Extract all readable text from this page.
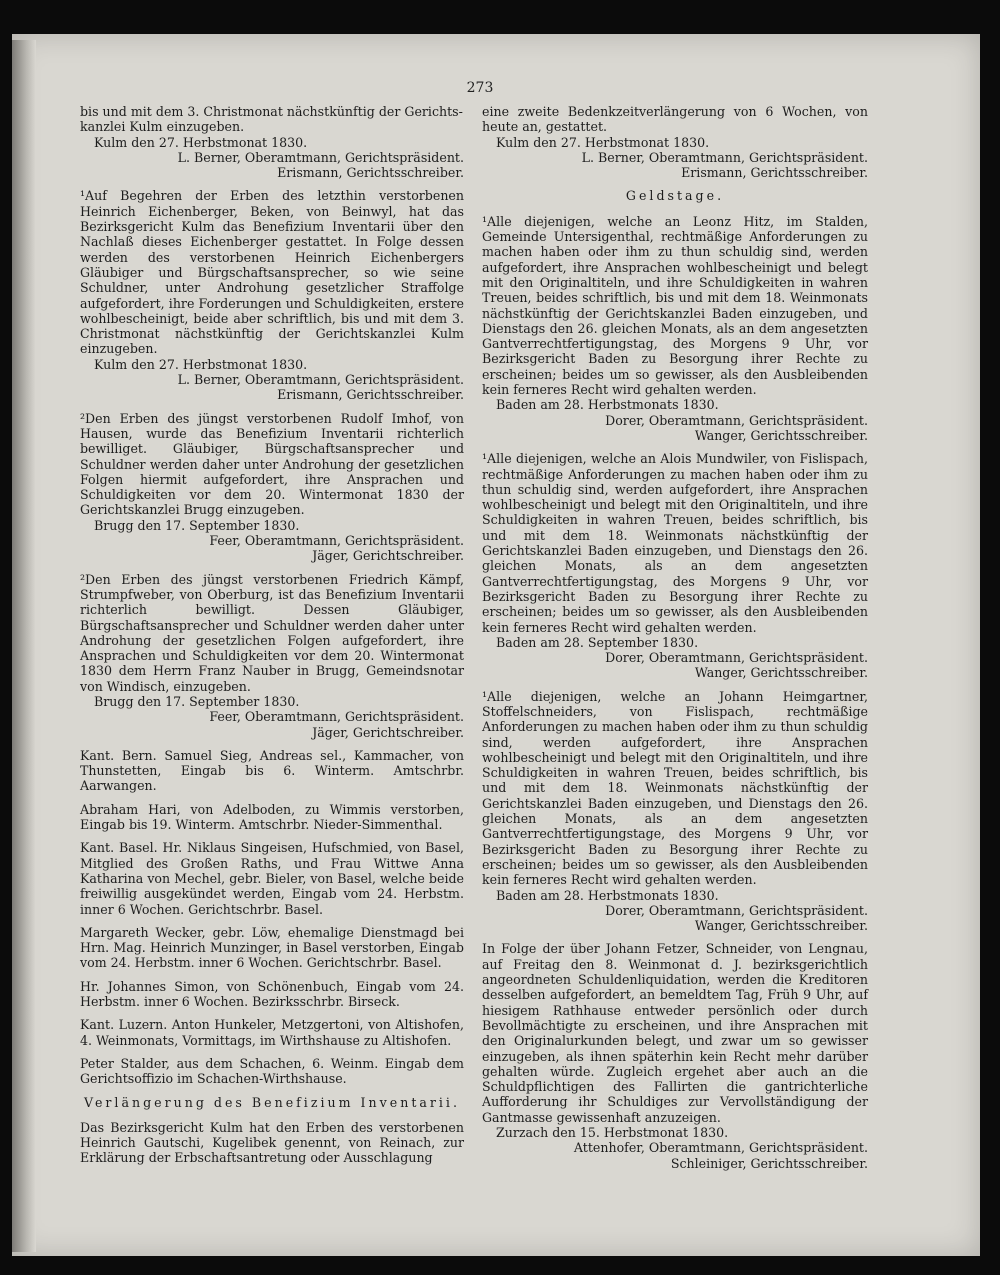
273

bis und mit dem 3. Christmonat nächstkünftig der Gerichts-

kanzlei Kulm einzugeben.

Kulm den 27. Herbstmonat 1830.

L. Berner, Oberamtmann, Gerichtspräsident.

Erismann, Gerichtsschreiber.

¹Auf Begehren der Erben des letzthin verstorbenen Heinrich Eichenberger, Beken, von Beinwyl, hat das Bezirksgericht Kulm das Benefizium Inventarii über den Nachlaß dieses Eichenberger gestattet. In Folge dessen werden des verstorbenen Heinrich Eichenbergers Gläubiger und Bürgschaftsansprecher, so wie seine Schuldner, unter Androhung gesetzlicher Straffolge aufgefordert, ihre Forderungen und Schuldigkeiten, erstere wohlbescheinigt, beide aber schriftlich, bis und mit dem 3. Christmonat nächstkünftig der Gerichtskanzlei Kulm einzugeben.

Kulm den 27. Herbstmonat 1830.

L. Berner, Oberamtmann, Gerichtspräsident.

Erismann, Gerichtsschreiber.

²Den Erben des jüngst verstorbenen Rudolf Imhof, von Hausen, wurde das Benefizium Inventarii richterlich bewilliget. Gläubiger, Bürgschaftsansprecher und Schuldner werden daher unter Androhung der gesetzlichen Folgen hiermit aufgefordert, ihre Ansprachen und Schuldigkeiten vor dem 20. Wintermonat 1830 der Gerichtskanzlei Brugg einzugeben.

Brugg den 17. September 1830.

Feer, Oberamtmann, Gerichtspräsident.

Jäger, Gerichtschreiber.

²Den Erben des jüngst verstorbenen Friedrich Kämpf, Strumpfweber, von Oberburg, ist das Benefizium Inventarii richterlich bewilligt. Dessen Gläubiger, Bürgschaftsansprecher und Schuldner werden daher unter Androhung der gesetzlichen Folgen aufgefordert, ihre Ansprachen und Schuldigkeiten vor dem 20. Wintermonat 1830 dem Herrn Franz Nauber in Brugg, Gemeindsnotar von Windisch, einzugeben.

Brugg den 17. September 1830.

Feer, Oberamtmann, Gerichtspräsident.

Jäger, Gerichtschreiber.

Kant. Bern. Samuel Sieg, Andreas sel., Kammacher, von Thunstetten, Eingab bis 6. Winterm. Amtschrbr. Aarwangen.

Abraham Hari, von Adelboden, zu Wimmis verstorben, Eingab bis 19. Winterm. Amtschrbr. Nieder-Simmenthal.

Kant. Basel. Hr. Niklaus Singeisen, Hufschmied, von Basel, Mitglied des Großen Raths, und Frau Wittwe Anna Katharina von Mechel, gebr. Bieler, von Basel, welche beide freiwillig ausgekündet werden, Eingab vom 24. Herbstm. inner 6 Wochen. Gerichtschrbr. Basel.

Margareth Wecker, gebr. Löw, ehemalige Dienstmagd bei Hrn. Mag. Heinrich Munzinger, in Basel verstorben, Eingab vom 24. Herbstm. inner 6 Wochen. Gerichtschrbr. Basel.

Hr. Johannes Simon, von Schönenbuch, Eingab vom 24. Herbstm. inner 6 Wochen. Bezirksschrbr. Birseck.

Kant. Luzern. Anton Hunkeler, Metzgertoni, von Altishofen, 4. Weinmonats, Vormittags, im Wirthshause zu Altishofen.

Peter Stalder, aus dem Schachen, 6. Weinm. Eingab dem Gerichtsoffizio im Schachen-Wirthshause.

Verlängerung des Benefizium Inventarii.

Das Bezirksgericht Kulm hat den Erben des verstorbenen Heinrich Gautschi, Kugelibek genennt, von Reinach, zur Erklärung der Erbschaftsantretung oder Ausschlagung

eine zweite Bedenkzeitverlängerung von 6 Wochen, von heute an, gestattet.

Kulm den 27. Herbstmonat 1830.

L. Berner, Oberamtmann, Gerichtspräsident.

Erismann, Gerichtsschreiber.

Geldstage.

¹Alle diejenigen, welche an Leonz Hitz, im Stalden, Gemeinde Untersigenthal, rechtmäßige Anforderungen zu machen haben oder ihm zu thun schuldig sind, werden aufgefordert, ihre Ansprachen wohlbescheinigt und belegt mit den Originaltiteln, und ihre Schuldigkeiten in wahren Treuen, beides schriftlich, bis und mit dem 18. Weinmonats nächstkünftig der Gerichtskanzlei Baden einzugeben, und Dienstags den 26. gleichen Monats, als an dem angesetzten Gantverrechtfertigungstag, des Morgens 9 Uhr, vor Bezirksgericht Baden zu Besorgung ihrer Rechte zu erscheinen; beides um so gewisser, als den Ausbleibenden kein ferneres Recht wird gehalten werden.

Baden am 28. Herbstmonats 1830.

Dorer, Oberamtmann, Gerichtspräsident.

Wanger, Gerichtsschreiber.

¹Alle diejenigen, welche an Alois Mundwiler, von Fislispach, rechtmäßige Anforderungen zu machen haben oder ihm zu thun schuldig sind, werden aufgefordert, ihre Ansprachen wohlbescheinigt und belegt mit den Originaltiteln, und ihre Schuldigkeiten in wahren Treuen, beides schriftlich, bis und mit dem 18. Weinmonats nächstkünftig der Gerichtskanzlei Baden einzugeben, und Dienstags den 26. gleichen Monats, als an dem angesetzten Gantverrechtfertigungstag, des Morgens 9 Uhr, vor Bezirksgericht Baden zu Besorgung ihrer Rechte zu erscheinen; beides um so gewisser, als den Ausbleibenden kein ferneres Recht wird gehalten werden.

Baden am 28. September 1830.

Dorer, Oberamtmann, Gerichtspräsident.

Wanger, Gerichtsschreiber.

¹Alle diejenigen, welche an Johann Heimgartner, Stoffelschneiders, von Fislispach, rechtmäßige Anforderungen zu machen haben oder ihm zu thun schuldig sind, werden aufgefordert, ihre Ansprachen wohlbescheinigt und belegt mit den Originaltiteln, und ihre Schuldigkeiten in wahren Treuen, beides schriftlich, bis und mit dem 18. Weinmonats nächstkünftig der Gerichtskanzlei Baden einzugeben, und Dienstags den 26. gleichen Monats, als an dem angesetzten Gantverrechtfertigungstage, des Morgens 9 Uhr, vor Bezirksgericht Baden zu Besorgung ihrer Rechte zu erscheinen; beides um so gewisser, als den Ausbleibenden kein ferneres Recht wird gehalten werden.

Baden am 28. Herbstmonats 1830.

Dorer, Oberamtmann, Gerichtspräsident.

Wanger, Gerichtsschreiber.

In Folge der über Johann Fetzer, Schneider, von Lengnau, auf Freitag den 8. Weinmonat d. J. bezirksgerichtlich angeordneten Schuldenliquidation, werden die Kreditoren desselben aufgefordert, an bemeldtem Tag, Früh 9 Uhr, auf hiesigem Rathhause entweder persönlich oder durch Bevollmächtigte zu erscheinen, und ihre Ansprachen mit den Originalurkunden belegt, und zwar um so gewisser einzugeben, als ihnen späterhin kein Recht mehr darüber gehalten würde. Zugleich ergehet aber auch an die Schuldpflichtigen des Fallirten die gantrichterliche Aufforderung ihr Schuldiges zur Vervollständigung der Gantmasse gewissenhaft anzuzeigen.

Zurzach den 15. Herbstmonat 1830.

Attenhofer, Oberamtmann, Gerichtspräsident.

Schleiniger, Gerichtsschreiber.
